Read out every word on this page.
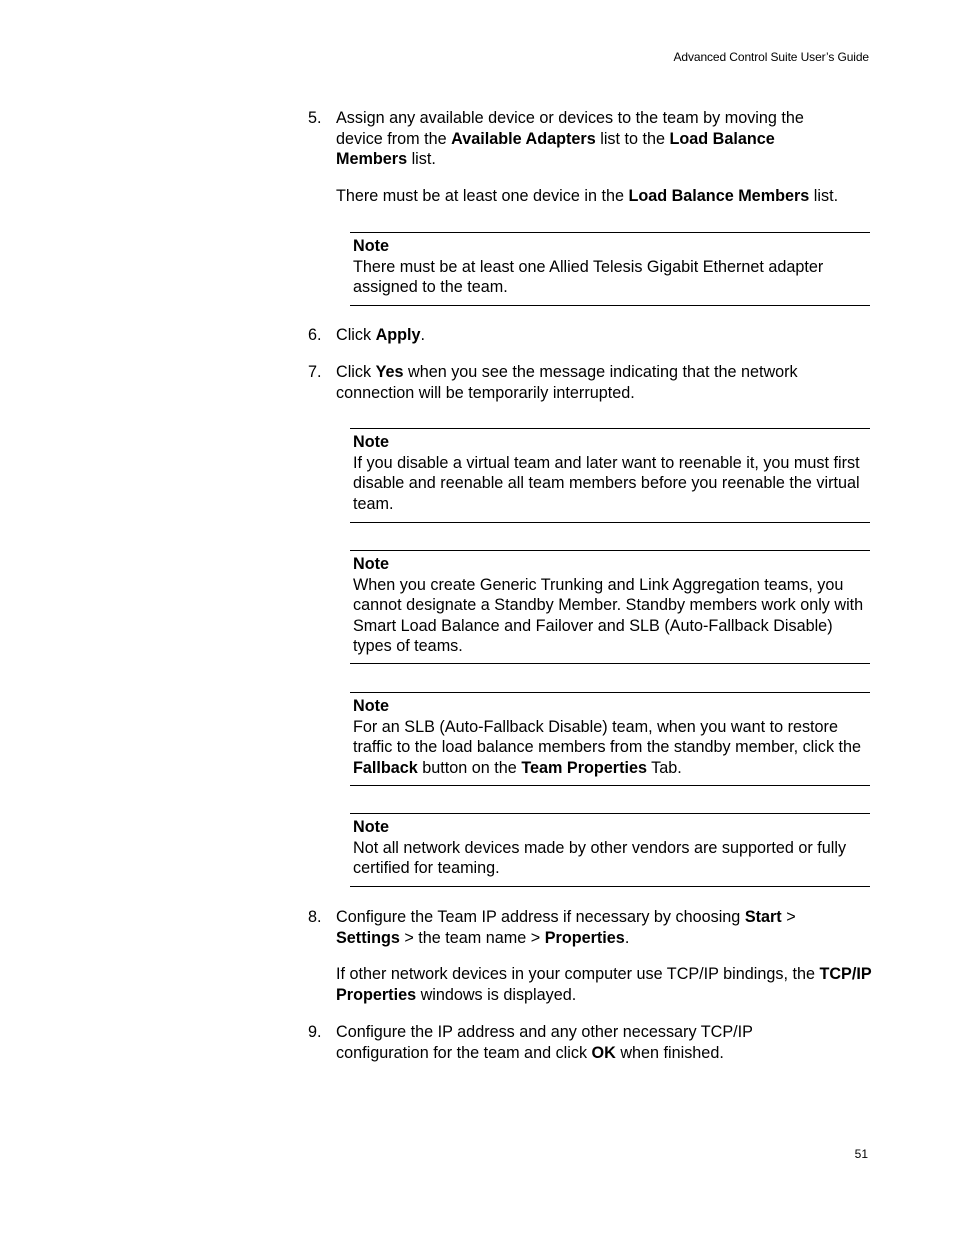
Advanced Control Suite User’s Guide
5. Assign any available device or devices to the team by moving the device from the Available Adapters list to the Load Balance Members list.
There must be at least one device in the Load Balance Members list.
Note
There must be at least one Allied Telesis Gigabit Ethernet adapter assigned to the team.
6. Click Apply.
7. Click Yes when you see the message indicating that the network connection will be temporarily interrupted.
Note
If you disable a virtual team and later want to reenable it, you must first disable and reenable all team members before you reenable the virtual team.
Note
When you create Generic Trunking and Link Aggregation teams, you cannot designate a Standby Member. Standby members work only with Smart Load Balance and Failover and SLB (Auto-Fallback Disable) types of teams.
Note
For an SLB (Auto-Fallback Disable) team, when you want to restore traffic to the load balance members from the standby member, click the Fallback button on the Team Properties Tab.
Note
Not all network devices made by other vendors are supported or fully certified for teaming.
8. Configure the Team IP address if necessary by choosing Start > Settings > the team name > Properties.
If other network devices in your computer use TCP/IP bindings, the TCP/IP Properties windows is displayed.
9. Configure the IP address and any other necessary TCP/IP configuration for the team and click OK when finished.
51
